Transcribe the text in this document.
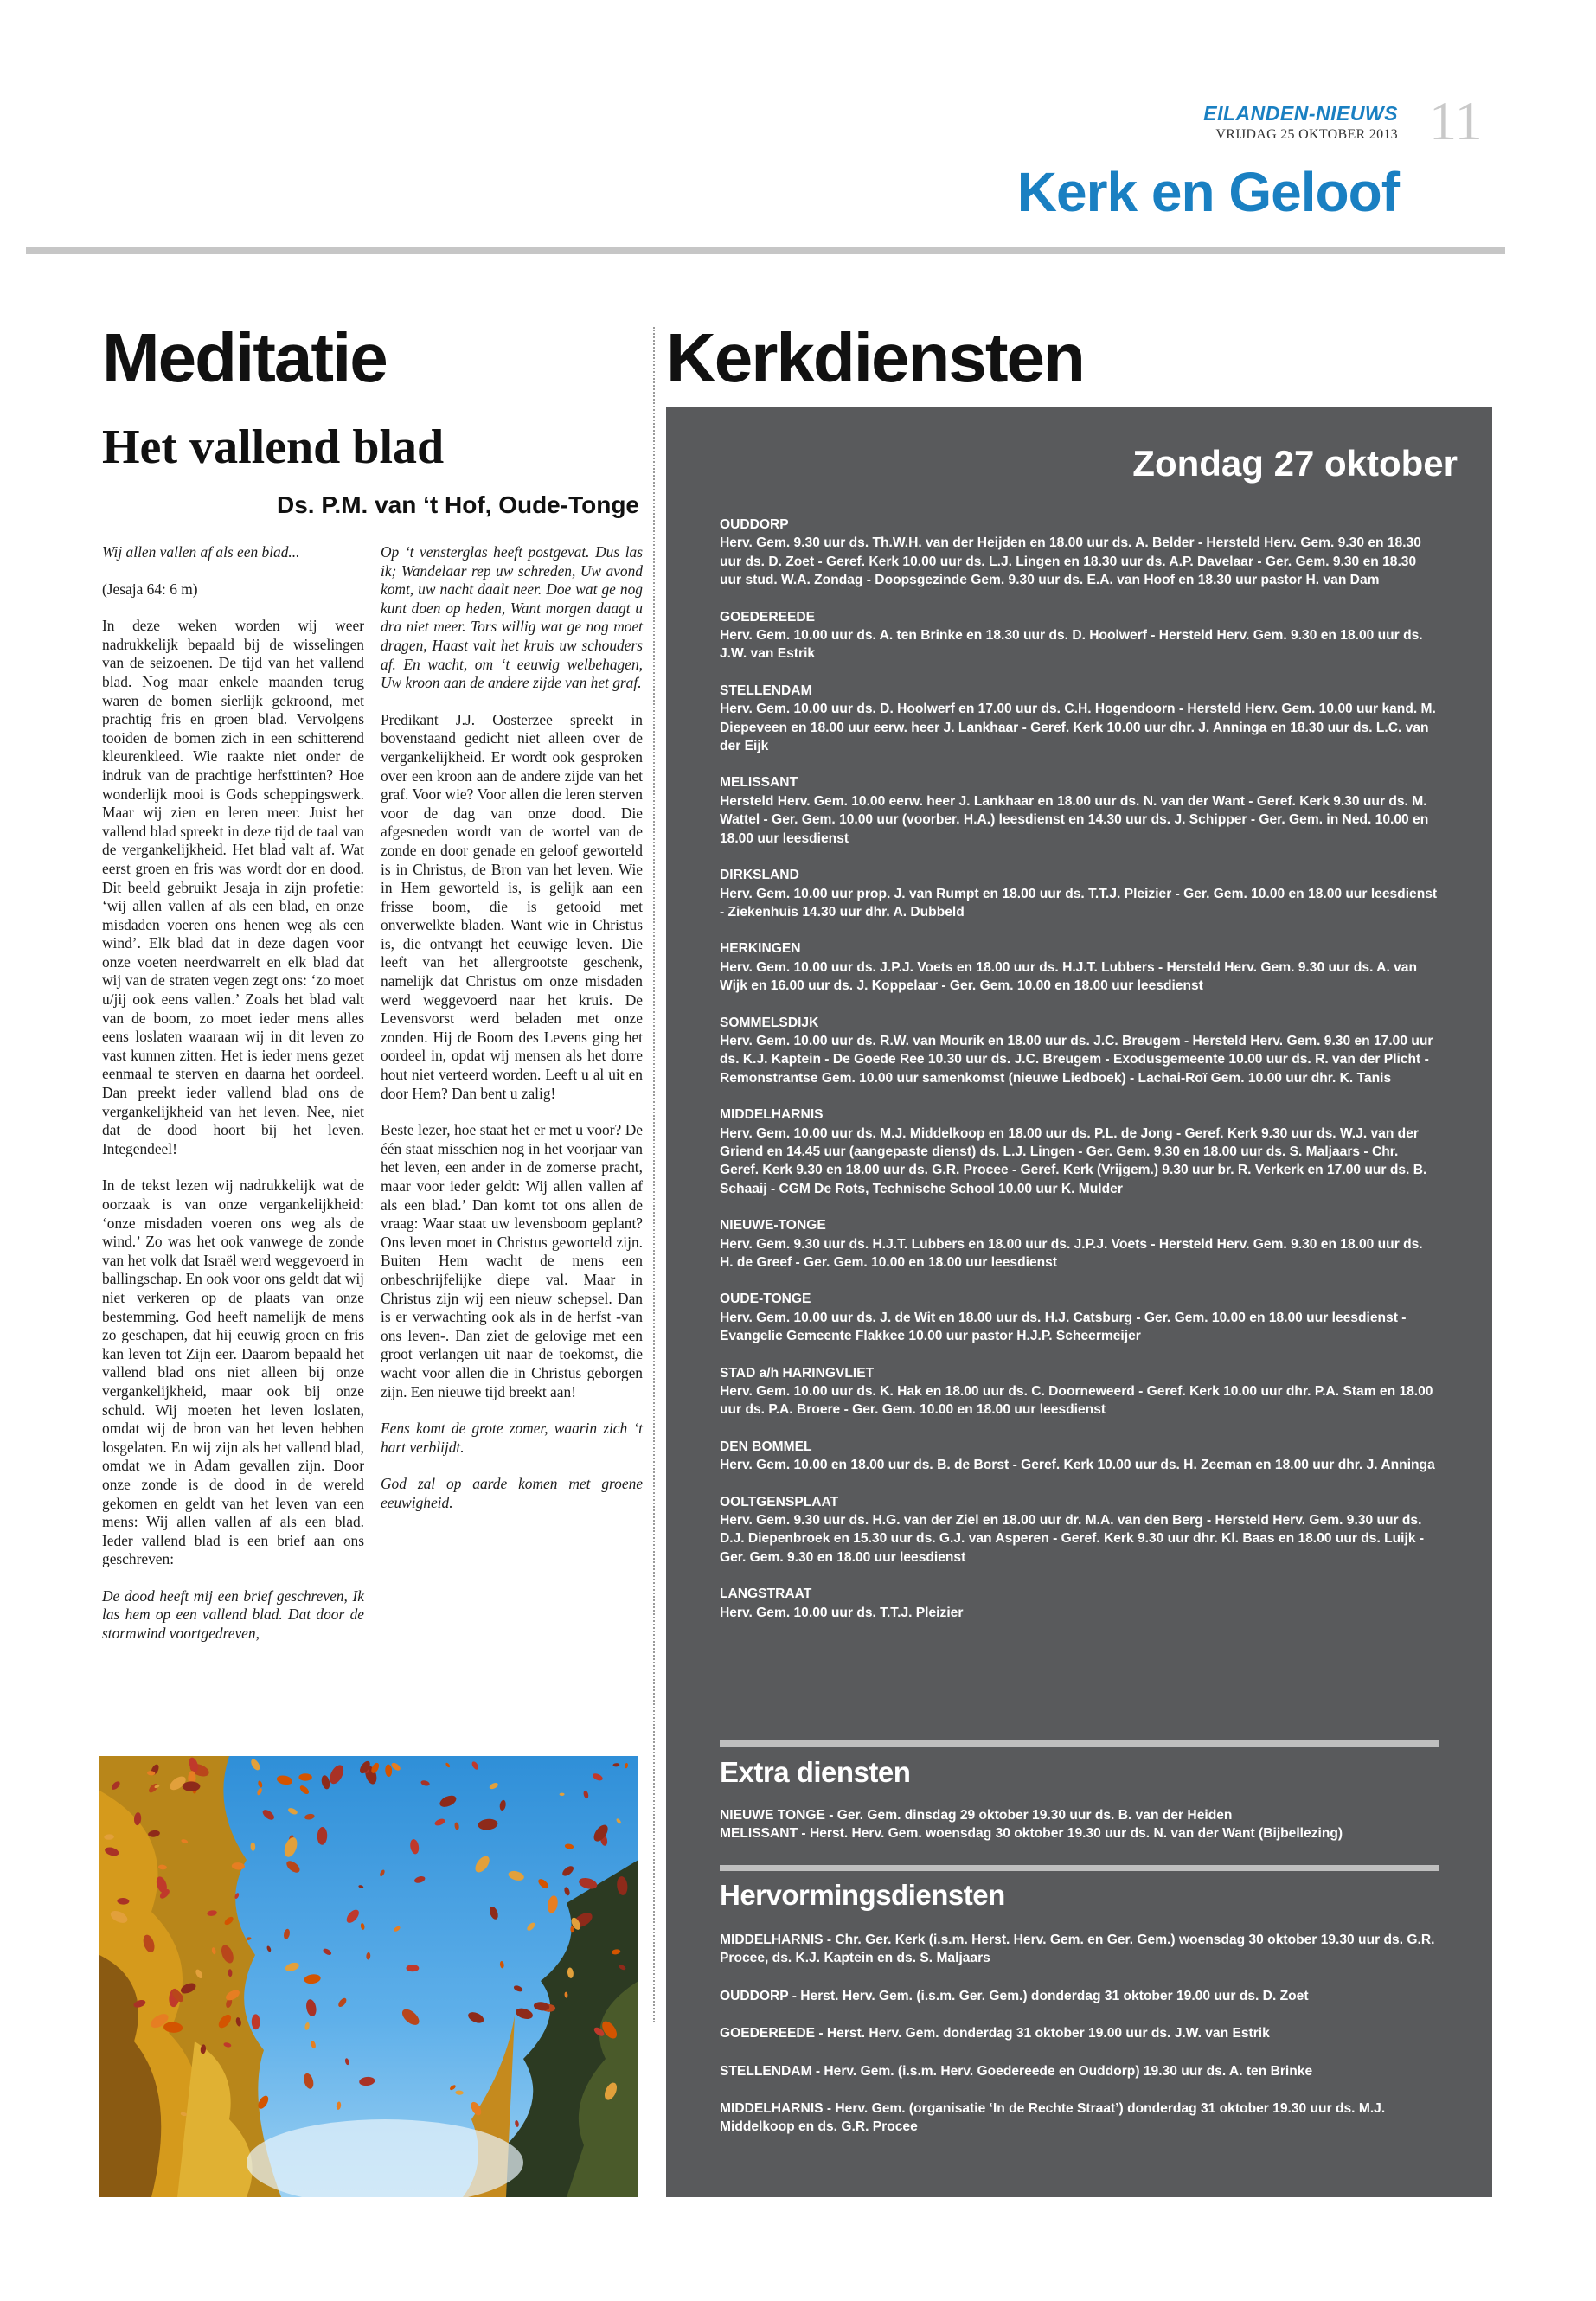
EILANDEN-NIEUWS
VRIJDAG 25 OKTOBER 2013 11
Kerk en Geloof
Meditatie
Het vallend blad
Ds. P.M. van ‘t Hof, Oude-Tonge

Wij allen vallen af als een blad...

(Jesaja 64: 6 m)

In deze weken worden wij weer nadrukkelijk bepaald bij de wisselingen van de seizoenen. De tijd van het vallend blad. Nog maar enkele maanden terug waren de bomen sierlijk gekroond, met prachtig fris en groen blad. Vervolgens tooiden de bomen zich in een schitterend kleurenkleed. Wie raakte niet onder de indruk van de prachtige herfsttinten? Hoe wonderlijk mooi is Gods scheppingswerk. Maar wij zien en leren meer. Juist het vallend blad spreekt in deze tijd de taal van de vergankelijkheid. Het blad valt af. Wat eerst groen en fris was wordt dor en dood. Dit beeld gebruikt Jesaja in zijn profetie: ‘wij allen vallen af als een blad, en onze misdaden voeren ons henen weg als een wind’. Elk blad dat in deze dagen voor onze voeten neerdwarrelt en elk blad dat wij van de straten vegen zegt ons: ‘zo moet u/jij ook eens vallen.’ Zoals het blad valt van de boom, zo moet ieder mens alles eens loslaten waaraan wij in dit leven zo vast kunnen zitten. Het is ieder mens gezet eenmaal te sterven en daarna het oordeel. Dan preekt ieder vallend blad ons de vergankelijkheid van het leven. Nee, niet dat de dood hoort bij het leven. Integendeel!

In de tekst lezen wij nadrukkelijk wat de oorzaak is van onze vergankelijkheid: ‘onze misdaden voeren ons weg als de wind.’ Zo was het ook vanwege de zonde van het volk dat Israël werd weggevoerd in ballingschap. En ook voor ons geldt dat wij niet verkeren op de plaats van onze bestemming. God heeft namelijk de mens zo geschapen, dat hij eeuwig groen en fris kan leven tot Zijn eer. Daarom bepaald het vallend blad ons niet alleen bij onze vergankelijkheid, maar ook bij onze schuld. Wij moeten het leven loslaten, omdat wij de bron van het leven hebben losgelaten. En wij zijn als het vallend blad, omdat we in Adam gevallen zijn. Door onze zonde is de dood in de wereld gekomen en geldt van het leven van een mens: Wij allen vallen af als een blad. Ieder vallend blad is een brief aan ons geschreven:

De dood heeft mij een brief geschreven, Ik las hem op een vallend blad. Dat door de stormwind voortgedreven,

Op ‘t vensterglas heeft postgevat. Dus las ik; Wandelaar rep uw schreden, Uw avond komt, uw nacht daalt neer. Doe wat ge nog kunt doen op heden, Want morgen daagt u dra niet meer. Tors willig wat ge nog moet dragen, Haast valt het kruis uw schouders af. En wacht, om ‘t eeuwig welbehagen, Uw kroon aan de andere zijde van het graf.

Predikant J.J. Oosterzee spreekt in bovenstaand gedicht niet alleen over de vergankelijkheid. Er wordt ook gesproken over een kroon aan de andere zijde van het graf. Voor wie? Voor allen die leren sterven voor de dag van onze dood. Die afgesneden wordt van de wortel van de zonde en door genade en geloof geworteld is in Christus, de Bron van het leven. Wie in Hem geworteld is, is gelijk aan een frisse boom, die is getooid met onverwelkte bladen. Want wie in Christus is, die ontvangt het eeuwige leven. Die leeft van het allergrootste geschenk, namelijk dat Christus om onze misdaden werd weggevoerd naar het kruis. De Levensvorst werd beladen met onze zonden. Hij de Boom des Levens ging het oordeel in, opdat wij mensen als het dorre hout niet verteerd worden. Leeft u al uit en door Hem? Dan bent u zalig!

Beste lezer, hoe staat het er met u voor? De één staat misschien nog in het voorjaar van het leven, een ander in de zomerse pracht, maar voor ieder geldt: Wij allen vallen af als een blad.’ Dan komt tot ons allen de vraag: Waar staat uw levensboom geplant? Ons leven moet in Christus geworteld zijn. Buiten Hem wacht de mens een onbeschrijfelijke diepe val. Maar in Christus zijn wij een nieuw schepsel. Dan is er verwachting ook als in de herfst -van ons leven-. Dan ziet de gelovige met een groot verlangen uit naar de toekomst, die wacht voor allen die in Christus geborgen zijn. Een nieuwe tijd breekt aan!

Eens komt de grote zomer, waarin zich ‘t hart verblijdt.

God zal op aarde komen met groene eeuwigheid.

Kerkdiensten
Zondag 27 oktober
OUDDORP
Herv. Gem. 9.30 uur ds. Th.W.H. van der Heijden en 18.00 uur ds. A. Belder - Hersteld Herv. Gem. 9.30 en 18.30 uur ds. D. Zoet - Geref. Kerk 10.00 uur ds. L.J. Lingen en 18.30 uur ds. A.P. Davelaar - Ger. Gem. 9.30 en 18.30 uur stud. W.A. Zondag - Doopsgezinde Gem. 9.30 uur ds. E.A. van Hoof en 18.30 uur pastor H. van Dam
GOEDEREEDE
Herv. Gem. 10.00 uur ds. A. ten Brinke en 18.30 uur ds. D. Hoolwerf - Hersteld Herv. Gem. 9.30 en 18.00 uur ds. J.W. van Estrik
STELLENDAM
Herv. Gem. 10.00 uur ds. D. Hoolwerf en 17.00 uur ds. C.H. Hogendoorn - Hersteld Herv. Gem. 10.00 uur kand. M. Diepeveen en 18.00 uur eerw. heer J. Lankhaar - Geref. Kerk 10.00 uur dhr. J. Anninga en 18.30 uur ds. L.C. van der Eijk
MELISSANT
Hersteld Herv. Gem. 10.00 eerw. heer J. Lankhaar en 18.00 uur ds. N. van der Want - Geref. Kerk 9.30 uur ds. M. Wattel - Ger. Gem. 10.00 uur (voorber. H.A.) leesdienst en 14.30 uur ds. J. Schipper - Ger. Gem. in Ned. 10.00 en 18.00 uur leesdienst
DIRKSLAND
Herv. Gem. 10.00 uur prop. J. van Rumpt en 18.00 uur ds. T.T.J. Pleizier - Ger. Gem. 10.00 en 18.00 uur leesdienst - Ziekenhuis 14.30 uur dhr. A. Dubbeld
HERKINGEN
Herv. Gem. 10.00 uur ds. J.P.J. Voets en 18.00 uur ds. H.J.T. Lubbers - Hersteld Herv. Gem. 9.30 uur ds. A. van Wijk en 16.00 uur ds. J. Koppelaar - Ger. Gem. 10.00 en 18.00 uur leesdienst
SOMMELSDIJK
Herv. Gem. 10.00 uur ds. R.W. van Mourik en 18.00 uur ds. J.C. Breugem - Hersteld Herv. Gem. 9.30 en 17.00 uur ds. K.J. Kaptein - De Goede Ree 10.30 uur ds. J.C. Breugem - Exodusgemeente 10.00 uur ds. R. van der Plicht - Remonstrantse Gem. 10.00 uur samenkomst (nieuwe Liedboek) - Lachai-Roï Gem. 10.00 uur dhr. K. Tanis
MIDDELHARNIS
Herv. Gem. 10.00 uur ds. M.J. Middelkoop en 18.00 uur ds. P.L. de Jong - Geref. Kerk 9.30 uur ds. W.J. van der Griend en 14.45 uur (aangepaste dienst) ds. L.J. Lingen - Ger. Gem. 9.30 en 18.00 uur ds. S. Maljaars - Chr. Geref. Kerk 9.30 en 18.00 uur ds. G.R. Procee - Geref. Kerk (Vrijgem.) 9.30 uur br. R. Verkerk en 17.00 uur ds. B. Schaaij - CGM De Rots, Technische School 10.00 uur K. Mulder
NIEUWE-TONGE
Herv. Gem. 9.30 uur ds. H.J.T. Lubbers en 18.00 uur ds. J.P.J. Voets - Hersteld Herv. Gem. 9.30 en 18.00 uur ds. H. de Greef - Ger. Gem. 10.00 en 18.00 uur leesdienst
OUDE-TONGE
Herv. Gem. 10.00 uur ds. J. de Wit en 18.00 uur ds. H.J. Catsburg - Ger. Gem. 10.00 en 18.00 uur leesdienst - Evangelie Gemeente Flakkee 10.00 uur pastor H.J.P. Scheermeijer
STAD a/h HARINGVLIET
Herv. Gem. 10.00 uur ds. K. Hak en 18.00 uur ds. C. Doorneweerd - Geref. Kerk 10.00 uur dhr. P.A. Stam en 18.00 uur ds. P.A. Broere - Ger. Gem. 10.00 en 18.00 uur leesdienst
DEN BOMMEL
Herv. Gem. 10.00 en 18.00 uur ds. B. de Borst - Geref. Kerk 10.00 uur ds. H. Zeeman en 18.00 uur dhr. J. Anninga
OOLTGENSPLAAT
Herv. Gem. 9.30 uur ds. H.G. van der Ziel en 18.00 uur dr. M.A. van den Berg - Hersteld Herv. Gem. 9.30 uur ds. D.J. Diepenbroek en 15.30 uur ds. G.J. van Asperen - Geref. Kerk 9.30 uur dhr. Kl. Baas en 18.00 uur ds. Luijk - Ger. Gem. 9.30 en 18.00 uur leesdienst
LANGSTRAAT
Herv. Gem. 10.00 uur ds. T.T.J. Pleizier
Extra diensten
NIEUWE TONGE - Ger. Gem. dinsdag 29 oktober 19.30 uur ds. B. van der Heiden
MELISSANT - Herst. Herv. Gem. woensdag 30 oktober 19.30 uur ds. N. van der Want (Bijbellezing)
Hervormingsdiensten

MIDDELHARNIS - Chr. Ger. Kerk (i.s.m. Herst. Herv. Gem. en Ger. Gem.) woensdag 30 oktober 19.30 uur ds. G.R. Procee, ds. K.J. Kaptein en ds. S. Maljaars

OUDDORP - Herst. Herv. Gem. (i.s.m. Ger. Gem.) donderdag 31 oktober 19.00 uur ds. D. Zoet

GOEDEREEDE - Herst. Herv. Gem. donderdag 31 oktober 19.00 uur ds. J.W. van Estrik

STELLENDAM - Herv. Gem. (i.s.m. Herv. Goedereede en Ouddorp) 19.30 uur ds. A. ten Brinke

MIDDELHARNIS - Herv. Gem. (organisatie ‘In de Rechte Straat’) donderdag 31 oktober 19.30 uur ds. M.J. Middelkoop en ds. G.R. Procee
